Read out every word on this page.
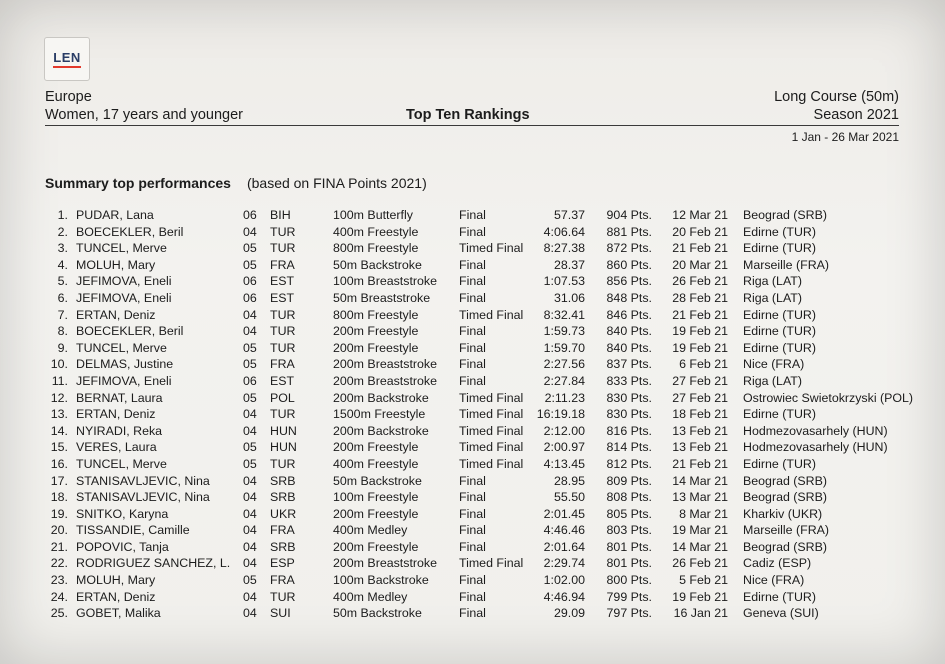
LEN
Europe
Women, 17 years and younger	Top Ten Rankings
Long Course (50m)
Season 2021
1 Jan - 26 Mar 2021
Summary top performances (based on FINA Points 2021)
1. PUDAR, Lana	06 BIH	100m Butterfly	Final	57.37	904 Pts.	12 Mar 21 Beograd (SRB)
2. BOECEKLER, Beril	04 TUR	400m Freestyle	Final	4:06.64	881 Pts.	20 Feb 21 Edirne (TUR)
3. TUNCEL, Merve	05 TUR	800m Freestyle	Timed Final	8:27.38	872 Pts.	21 Feb 21 Edirne (TUR)
4. MOLUH, Mary	05 FRA	50m Backstroke	Final	28.37	860 Pts.	20 Mar 21 Marseille (FRA)
5. JEFIMOVA, Eneli	06 EST	100m Breaststroke Final	1:07.53	856 Pts.	26 Feb 21 Riga (LAT)
6. JEFIMOVA, Eneli	06 EST	50m Breaststroke Final	31.06	848 Pts.	28 Feb 21 Riga (LAT)
7. ERTAN, Deniz	04 TUR	800m Freestyle	Timed Final	8:32.41	846 Pts.	21 Feb 21 Edirne (TUR)
8. BOECEKLER, Beril	04 TUR	200m Freestyle	Final	1:59.73	840 Pts.	19 Feb 21 Edirne (TUR)
9. TUNCEL, Merve	05 TUR	200m Freestyle	Final	1:59.70	840 Pts.	19 Feb 21 Edirne (TUR)
10. DELMAS, Justine	05 FRA	200m Breaststroke Final	2:27.56	837 Pts.	6 Feb 21 Nice (FRA)
11. JEFIMOVA, Eneli	06 EST	200m Breaststroke Final	2:27.84	833 Pts.	27 Feb 21 Riga (LAT)
12. BERNAT, Laura	05 POL	200m Backstroke Timed Final	2:11.23	830 Pts.	27 Feb 21 Ostrowiec Swietokrzyski (POL)
13. ERTAN, Deniz	04 TUR	1500m Freestyle	Timed Final	16:19.18	830 Pts.	18 Feb 21 Edirne (TUR)
14. NYIRADI, Reka	04 HUN	200m Backstroke Timed Final	2:12.00	816 Pts.	13 Feb 21 Hodmezovasarhely (HUN)
15. VERES, Laura	05 HUN	200m Freestyle	Timed Final	2:00.97	814 Pts.	13 Feb 21 Hodmezovasarhely (HUN)
16. TUNCEL, Merve	05 TUR	400m Freestyle	Timed Final	4:13.45	812 Pts.	21 Feb 21 Edirne (TUR)
17. STANISAVLJEVIC, Nina	04 SRB	50m Backstroke	Final	28.95	809 Pts.	14 Mar 21 Beograd (SRB)
18. STANISAVLJEVIC, Nina	04 SRB	100m Freestyle	Final	55.50	808 Pts.	13 Mar 21 Beograd (SRB)
19. SNITKO, Karyna	04 UKR	200m Freestyle	Final	2:01.45	805 Pts.	8 Mar 21 Kharkiv (UKR)
20. TISSANDIE, Camille	04 FRA	400m Medley	Final	4:46.46	803 Pts.	19 Mar 21 Marseille (FRA)
21. POPOVIC, Tanja	04 SRB	200m Freestyle	Final	2:01.64	801 Pts.	14 Mar 21 Beograd (SRB)
22. RODRIGUEZ SANCHEZ, L. 04 ESP	200m Breaststroke Timed Final	2:29.74	801 Pts.	26 Feb 21 Cadiz (ESP)
23. MOLUH, Mary	05 FRA	100m Backstroke Final	1:02.00	800 Pts.	5 Feb 21 Nice (FRA)
24. ERTAN, Deniz	04 TUR	400m Medley	Final	4:46.94	799 Pts.	19 Feb 21 Edirne (TUR)
25. GOBET, Malika	04 SUI	50m Backstroke	Final	29.09	797 Pts.	16 Jan 21 Geneva (SUI)
